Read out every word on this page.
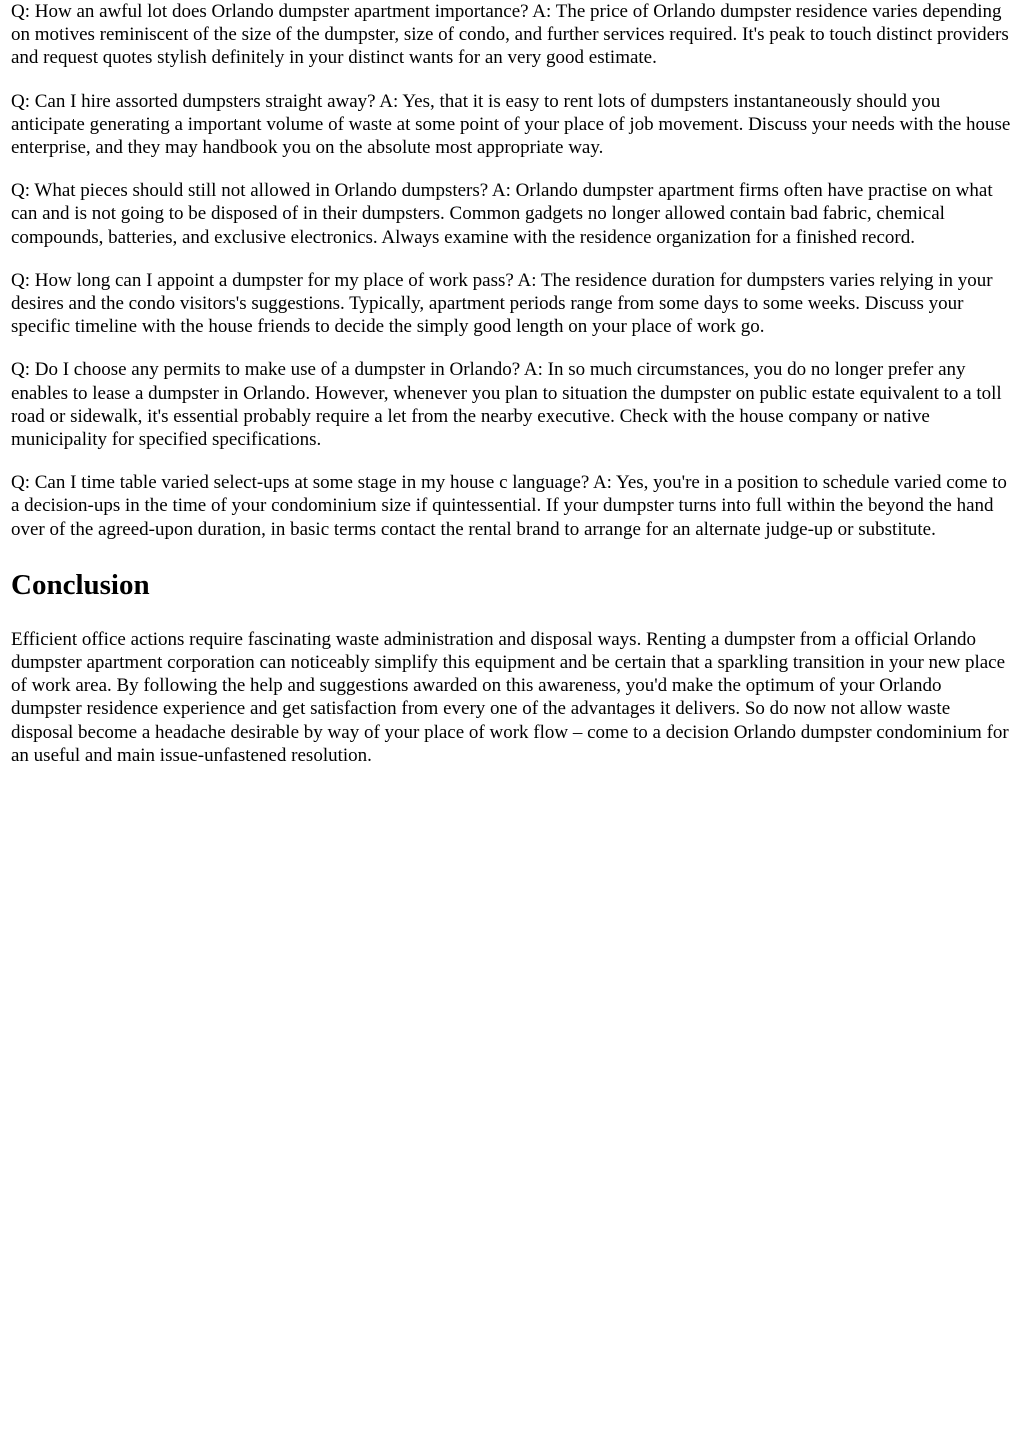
Q: How an awful lot does Orlando dumpster apartment importance? A: The price of Orlando dumpster residence varies depending on motives reminiscent of the size of the dumpster, size of condo, and further services required. It's peak to touch distinct providers and request quotes stylish definitely in your distinct wants for an very good estimate.

Q: Can I hire assorted dumpsters straight away? A: Yes, that it is easy to rent lots of dumpsters instantaneously should you anticipate generating a important volume of waste at some point of your place of job movement. Discuss your needs with the house enterprise, and they may handbook you on the absolute most appropriate way.

Q: What pieces should still not allowed in Orlando dumpsters? A: Orlando dumpster apartment firms often have practise on what can and is not going to be disposed of in their dumpsters. Common gadgets no longer allowed contain bad fabric, chemical compounds, batteries, and exclusive electronics. Always examine with the residence organization for a finished record.

Q: How long can I appoint a dumpster for my place of work pass? A: The residence duration for dumpsters varies relying in your desires and the condo visitors's suggestions. Typically, apartment periods range from some days to some weeks. Discuss your specific timeline with the house friends to decide the simply good length on your place of work go.

Q: Do I choose any permits to make use of a dumpster in Orlando? A: In so much circumstances, you do no longer prefer any enables to lease a dumpster in Orlando. However, whenever you plan to situation the dumpster on public estate equivalent to a toll road or sidewalk, it's essential probably require a let from the nearby executive. Check with the house company or native municipality for specified specifications.

Q: Can I time table varied select-ups at some stage in my house c language? A: Yes, you're in a position to schedule varied come to a decision-ups in the time of your condominium size if quintessential. If your dumpster turns into full within the beyond the hand over of the agreed-upon duration, in basic terms contact the rental brand to arrange for an alternate judge-up or substitute.

Conclusion

Efficient office actions require fascinating waste administration and disposal ways. Renting a dumpster from a official Orlando dumpster apartment corporation can noticeably simplify this equipment and be certain that a sparkling transition in your new place of work area. By following the help and suggestions awarded on this awareness, you'd make the optimum of your Orlando dumpster residence experience and get satisfaction from every one of the advantages it delivers. So do now not allow waste disposal become a headache desirable by way of your place of work flow – come to a decision Orlando dumpster condominium for an useful and main issue-unfastened resolution.
